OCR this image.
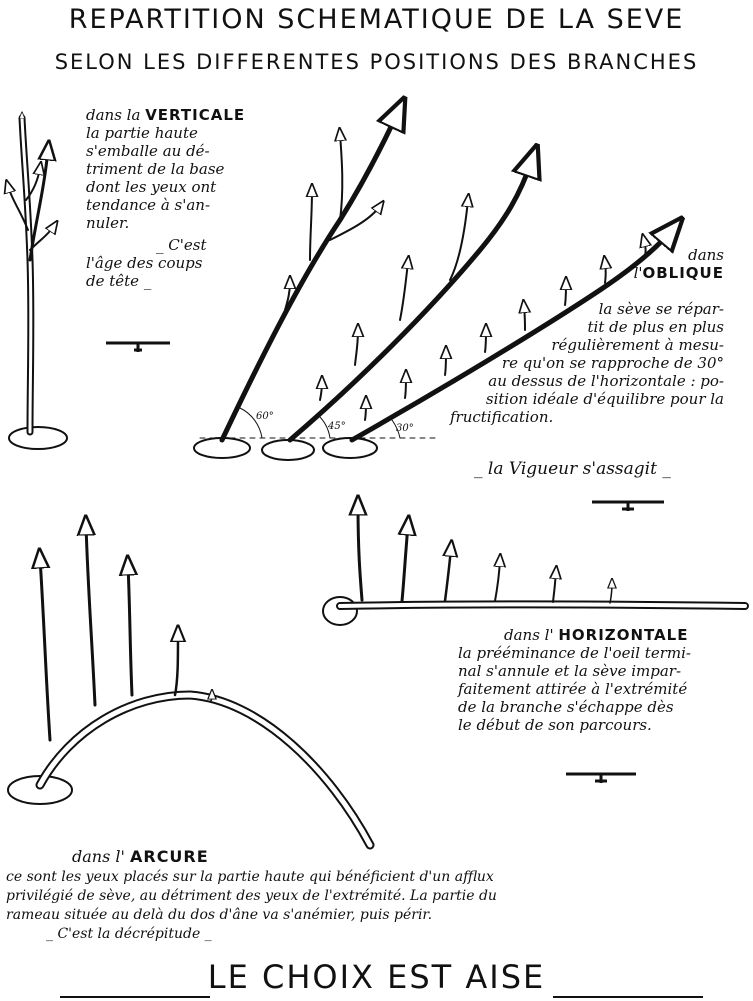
REPARTITION SCHEMATIQUE DE LA SEVE
SELON LES DIFFERENTES POSITIONS DES BRANCHES
dans la VERTICALE
la partie haute
s'emballe au dé-
triment de la base
dont les yeux ont
tendance à s'an-
nuler.
_ C'est
l'âge des coups
de tête _
dans
l'OBLIQUE
la sève se répar-
tit de plus en plus
régulièrement à mesu-
re qu'on se rapproche de 30°
au dessus de l'horizontale : po-
sition idéale d'équilibre pour la
fructification.
60°
45°	30°
_ la Vigueur s'assagit _
dans l' HORIZONTALE
la prééminance de l'oeil termi-
nal s'annule et la sève impar-
faitement attirée à l'extrémité
de la branche s'échappe dès
le début de son parcours.
dans l' ARCURE
ce sont les yeux placés sur la partie haute qui bénéficient d'un afflux
privilégié de sève, au détriment des yeux de l'extrémité. La partie du
rameau située au delà du dos d'âne va s'anémier, puis périr.
_ C'est la décrépitude _
LE CHOIX EST AISE
